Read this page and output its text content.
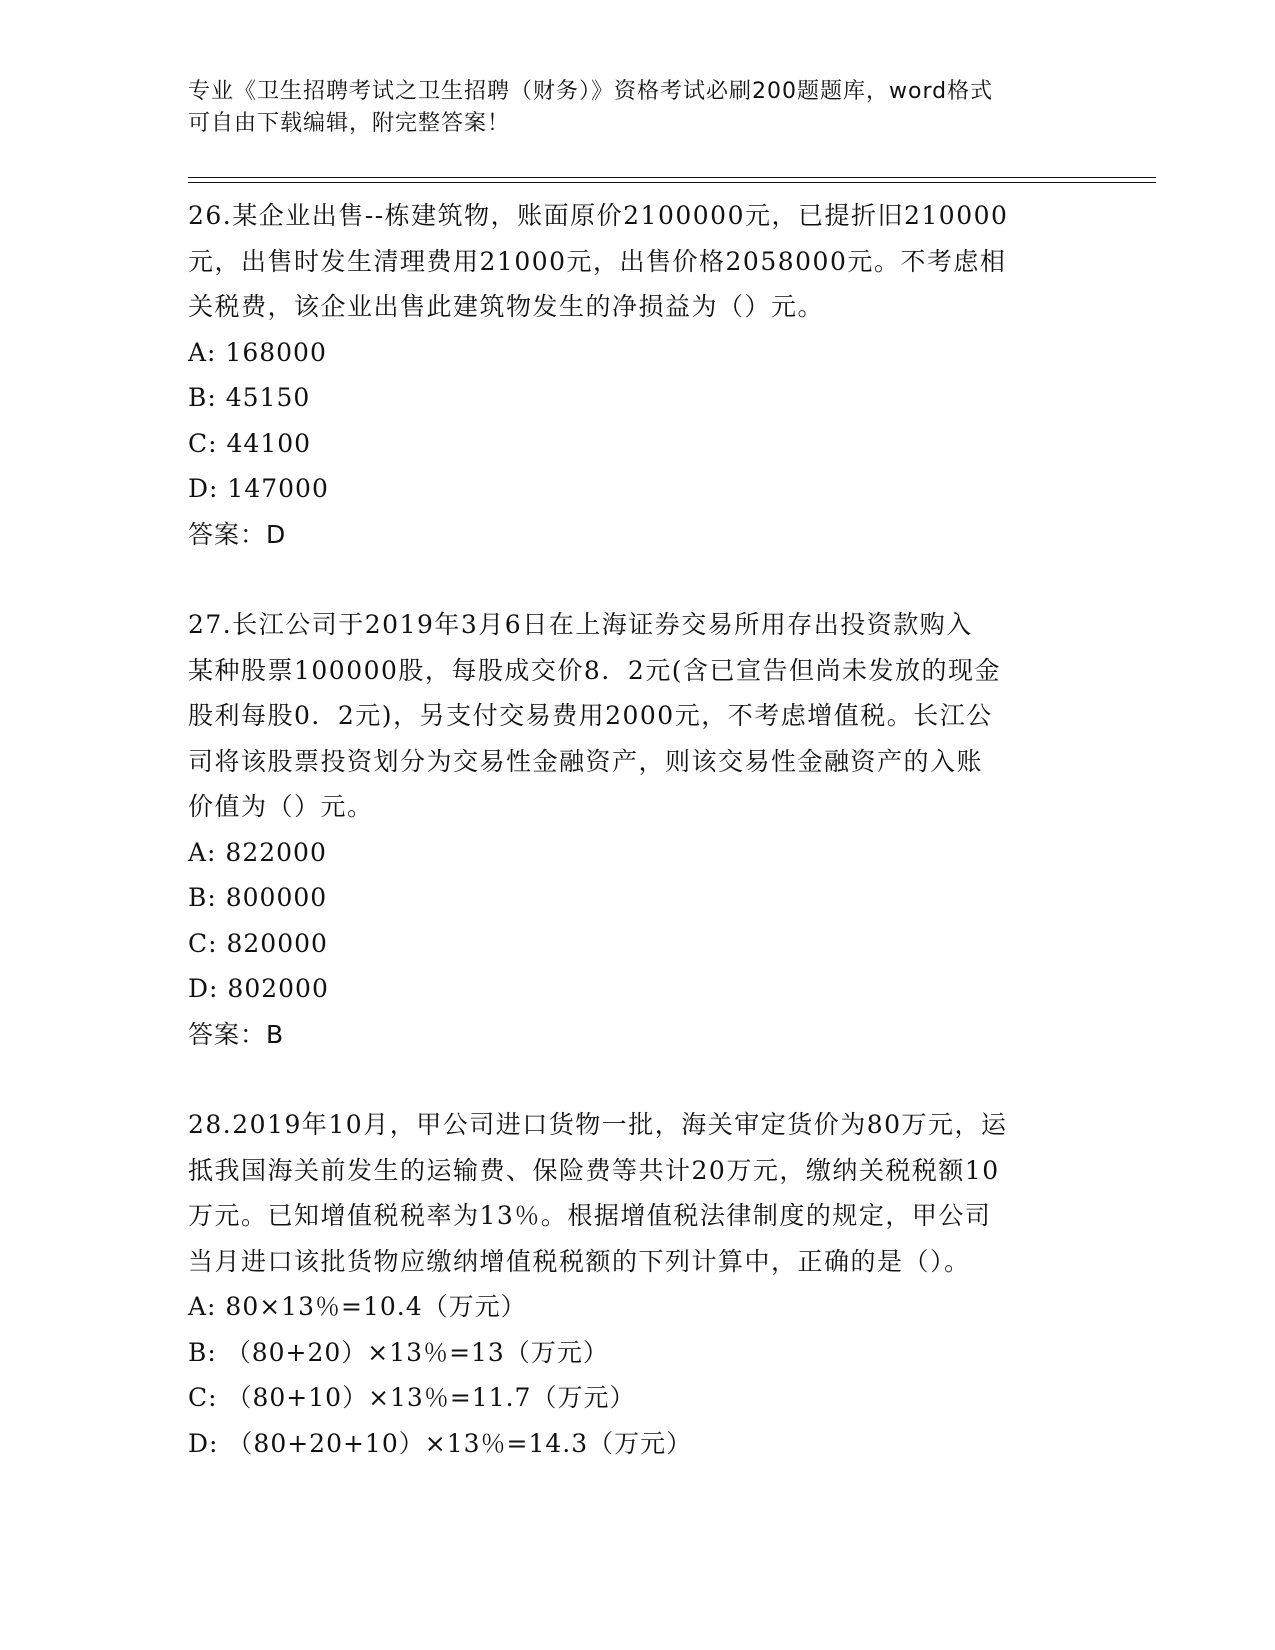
专业《卫生招聘考试之卫生招聘（财务）》资格考试必刷200题题库，word格式
可自由下载编辑，附完整答案！
26.某企业出售--栋建筑物，账面原价2100000元，已提折旧210000
元，出售时发生清理费用21000元，出售价格2058000元。不考虑相
关税费，该企业出售此建筑物发生的净损益为（）元。
A: 168000
B: 45150
C: 44100
D: 147000
答案：D
27.长江公司于2019年3月6日在上海证券交易所用存出投资款购入
某种股票100000股，每股成交价8．2元(含已宣告但尚未发放的现金
股利每股0．2元)，另支付交易费用2000元，不考虑增值税。长江公
司将该股票投资划分为交易性金融资产，则该交易性金融资产的入账
价值为（）元。
A: 822000
B: 800000
C: 820000
D: 802000
答案：B
28.2019年10月，甲公司进口货物一批，海关审定货价为80万元，运
抵我国海关前发生的运输费、保险费等共计20万元，缴纳关税税额10
万元。已知增值税税率为13％。根据增值税法律制度的规定，甲公司
当月进口该批货物应缴纳增值税税额的下列计算中，正确的是（）。
A: 80×13％=10.4（万元）
B: （80+20）×13％=13（万元）
C: （80+10）×13％=11.7（万元）
D: （80+20+10）×13％=14.3（万元）
